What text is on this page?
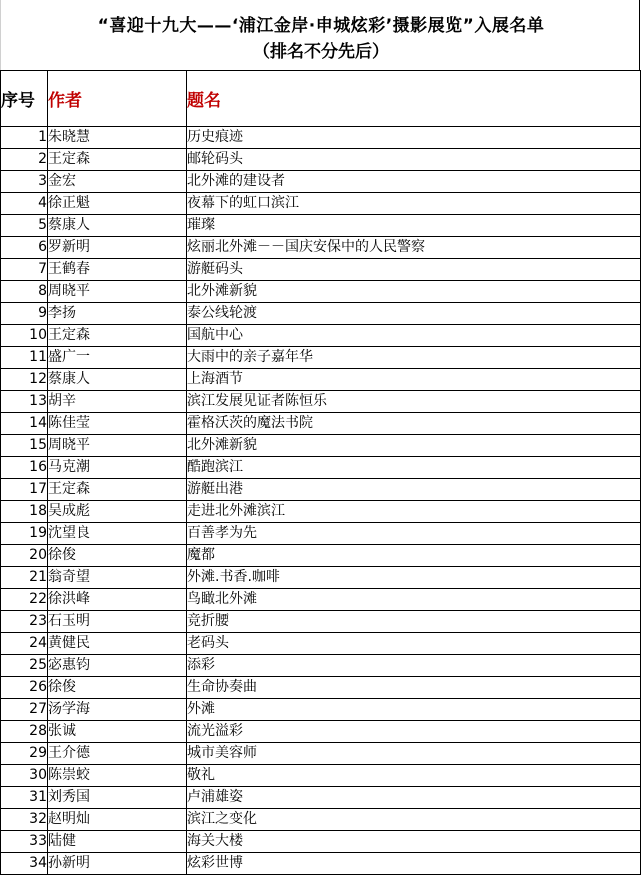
“喜迎十九大——‘浦江金岸·申城炫彩’摄影展览”入展名单
（排名不分先后）
序号	作者	题名
1	朱晓慧	历史痕迹
2	王定森	邮轮码头
3	金宏	北外滩的建设者
4	徐正魁	夜幕下的虹口滨江
5	蔡康人	璀璨
6	罗新明	炫丽北外滩－－国庆安保中的人民警察
7	王鹤春	游艇码头
8	周晓平	北外滩新貌
9	李扬	泰公线轮渡
10	王定森	国航中心
11	盛广一	大雨中的亲子嘉年华
12	蔡康人	上海酒节
13	胡辛	滨江发展见证者陈恒乐
14	陈佳莹	霍格沃茨的魔法书院
15	周晓平	北外滩新貌
16	马克潮	酷跑滨江
17	王定森	游艇出港
18	吴成彪	走进北外滩滨江
19	沈望良	百善孝为先
20	徐俊	魔都
21	翁奇望	外滩.书香.咖啡
22	徐洪峰	鸟瞰北外滩
23	石玉明	竞折腰
24	黄健民	老码头
25	宓惠钧	添彩
26	徐俊	生命协奏曲
27	汤学海	外滩
28	张诚	流光溢彩
29	王介德	城市美容师
30	陈崇蛟	敬礼
31	刘秀国	卢浦雄姿
32	赵明灿	滨江之变化
33	陆健	海关大楼
34	孙新明	炫彩世博
